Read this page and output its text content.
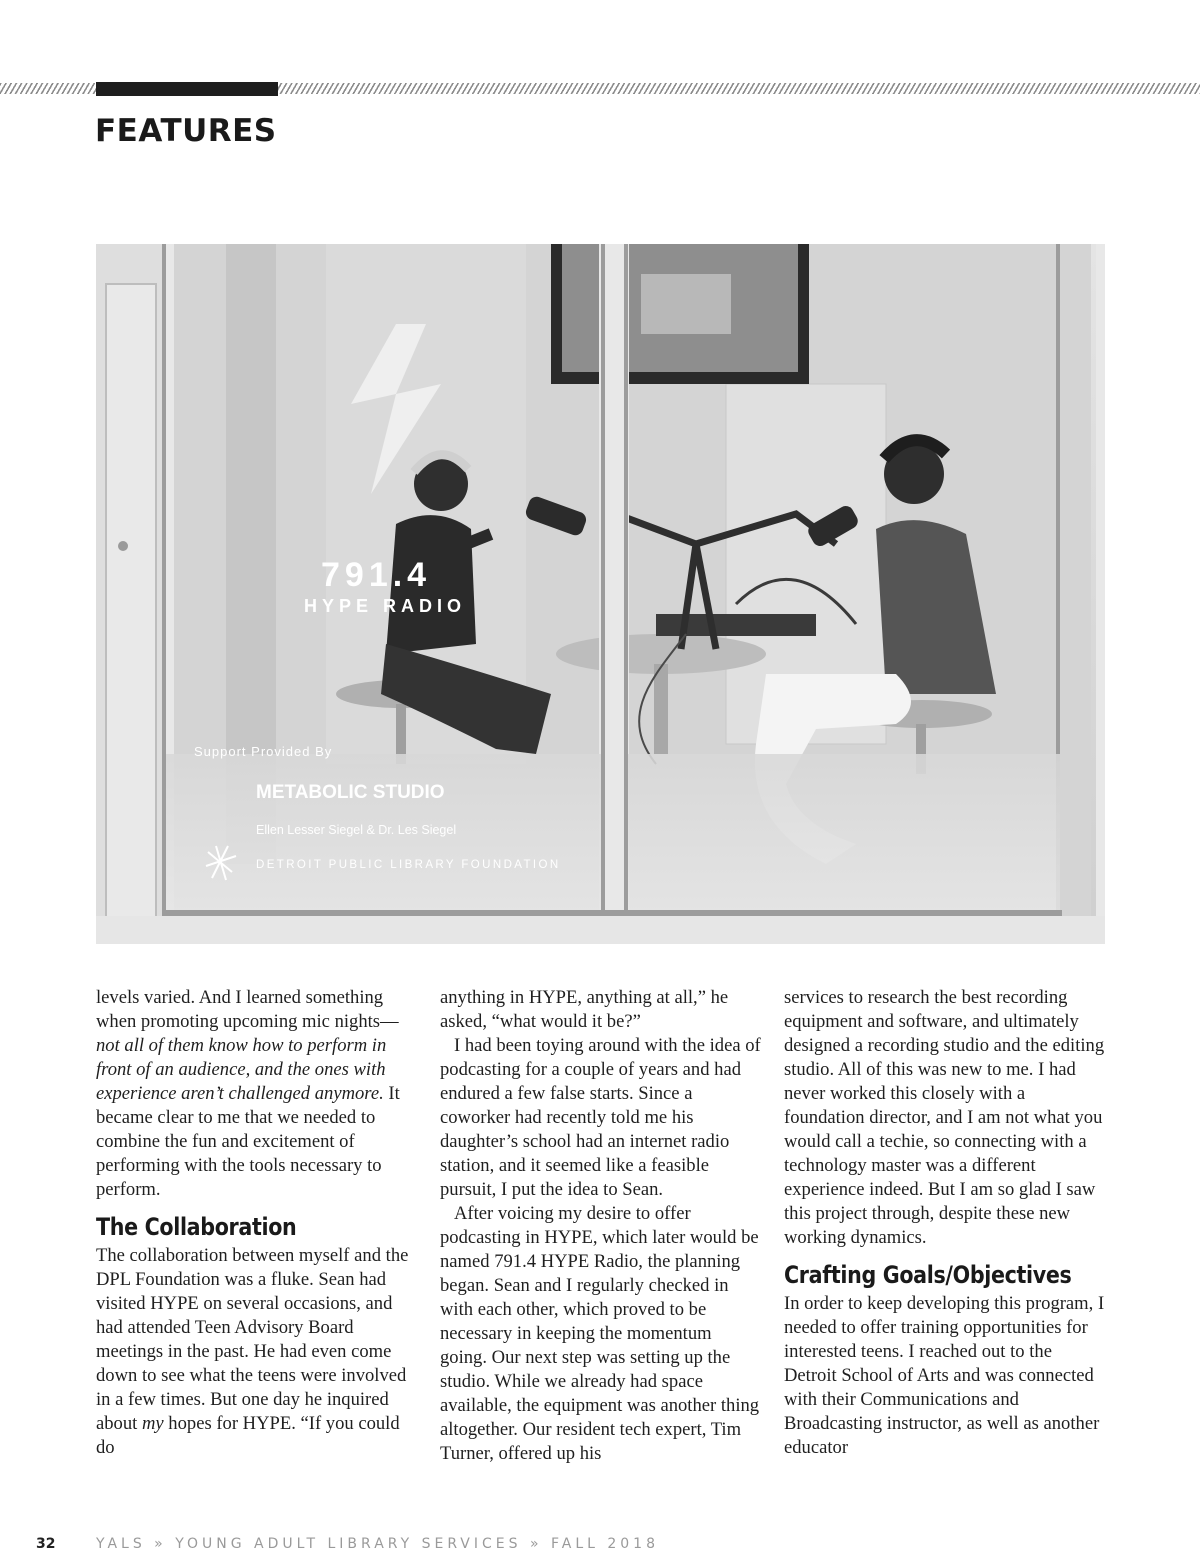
FEATURES
791.4
HYPE RADIO
Support Provided By
METABOLIC STUDIO
Ellen Lesser Siegel & Dr. Les Siegel
DETROIT PUBLIC LIBRARY FOUNDATION

levels varied. And I learned something when promoting upcoming mic nights—not all of them know how to perform in front of an audience, and the ones with experience aren’t challenged anymore. It became clear to me that we needed to combine the fun and excitement of performing with the tools necessary to perform.

The Collaboration

The collaboration between myself and the DPL Foundation was a fluke. Sean had visited HYPE on several occasions, and had attended Teen Advisory Board meetings in the past. He had even come down to see what the teens were involved in a few times. But one day he inquired about my hopes for HYPE. “If you could do

anything in HYPE, anything at all,” he asked, “what would it be?”

I had been toying around with the idea of podcasting for a couple of years and had endured a few false starts. Since a coworker had recently told me his daughter’s school had an internet radio station, and it seemed like a feasible pursuit, I put the idea to Sean.

After voicing my desire to offer podcasting in HYPE, which later would be named 791.4 HYPE Radio, the planning began. Sean and I regularly checked in with each other, which proved to be necessary in keeping the momentum going. Our next step was setting up the studio. While we already had space available, the equipment was another thing altogether. Our resident tech expert, Tim Turner, offered up his

services to research the best recording equipment and software, and ultimately designed a recording studio and the editing studio. All of this was new to me. I had never worked this closely with a foundation director, and I am not what you would call a techie, so connecting with a technology master was a different experience indeed. But I am so glad I saw this project through, despite these new working dynamics.

Crafting Goals/Objectives

In order to keep developing this program, I needed to offer training opportunities for interested teens. I reached out to the Detroit School of Arts and was connected with their Communications and Broadcasting instructor, as well as another educator

32	YALS » YOUNG ADULT LIBRARY SERVICES » FALL 2018
